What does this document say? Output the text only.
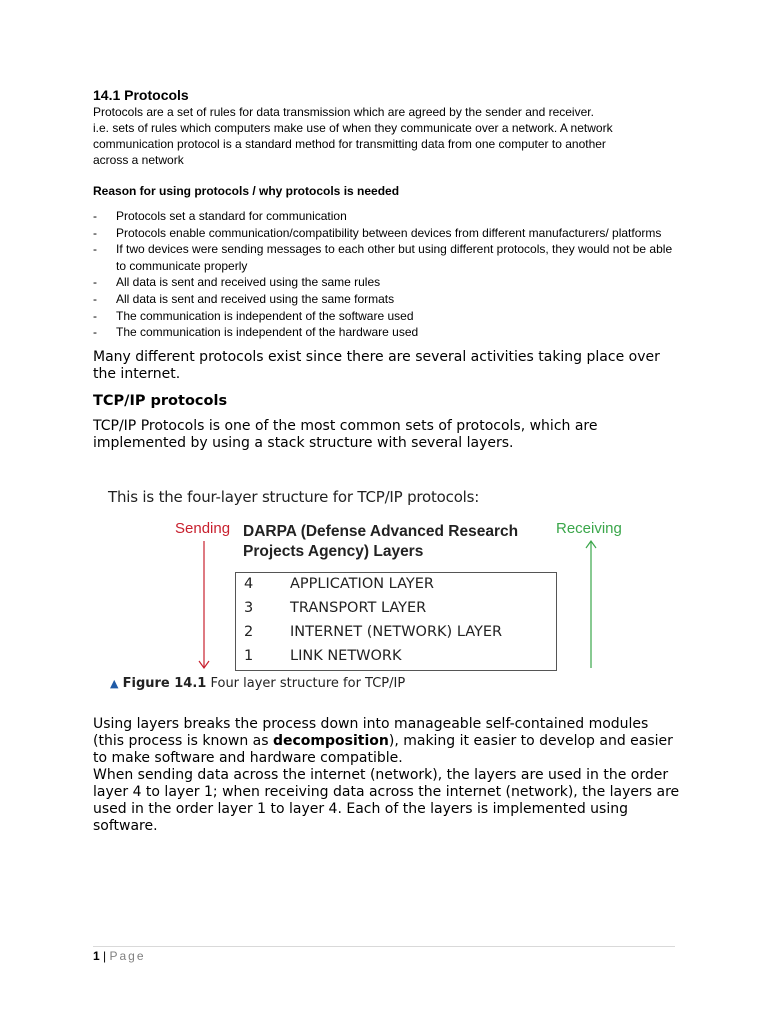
14.1 Protocols

Protocols are a set of rules for data transmission which are agreed by the sender and receiver.

i.e. sets of rules which computers make use of when they communicate over a network. A network

communication protocol is a standard method for transmitting data from one computer to another

across a network

Reason for using protocols / why protocols is needed

- Protocols set a standard for communication
- Protocols enable communication/compatibility between devices from different manufacturers/ platforms
- If two devices were sending messages to each other but using different protocols, they would not be able to communicate properly
- All data is sent and received using the same rules
- All data is sent and received using the same formats
- The communication is independent of the software used
- The communication is independent of the hardware used

Many different protocols exist since there are several activities taking place over the internet.

TCP/IP protocols

TCP/IP Protocols is one of the most common sets of protocols, which are implemented by using a stack structure with several layers.

This is the four-layer structure for TCP/IP protocols:
Sending	Receiving
DARPA (Defense Advanced Research
Projects Agency) Layers
4	APPLICATION LAYER
3	TRANSPORT LAYER
2	INTERNET (NETWORK) LAYER
1	LINK NETWORK
▲ Figure 14.1 Four layer structure for TCP/IP

Using layers breaks the process down into manageable self-contained modules (this process is known as decomposition), making it easier to develop and easier to make software and hardware compatible.

When sending data across the internet (network), the layers are used in the order layer 4 to layer 1; when receiving data across the internet (network), the layers are used in the order layer 1 to layer 4. Each of the layers is implemented using software.

1 | Page
